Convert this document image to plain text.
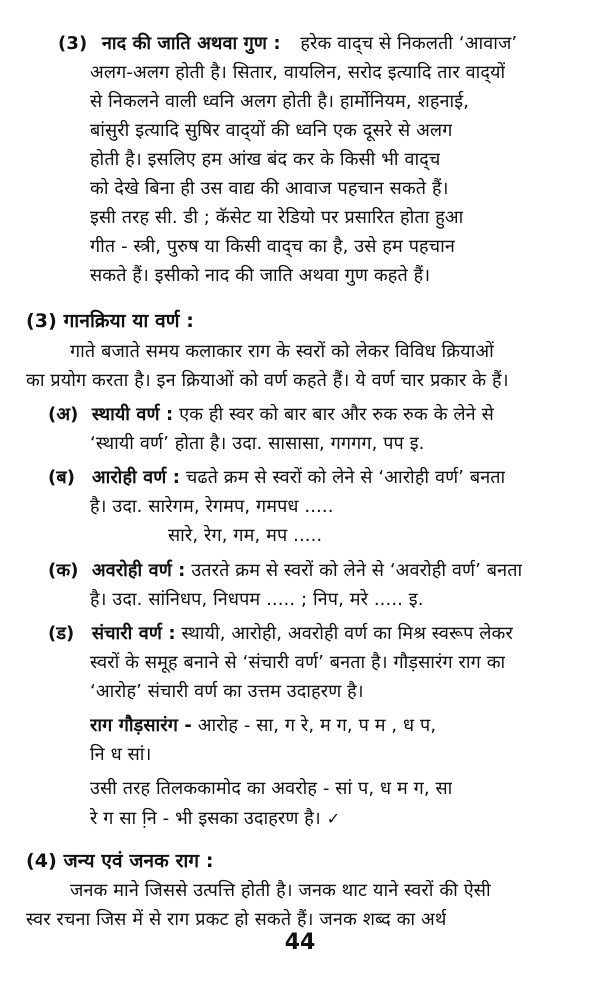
(3) नाद की जाति अथवा गुण : हरेक वाद्‌च से निकलती ‘आवाज’
अलग-अलग होती है। सितार, वायलिन, सरोद इत्यादि तार वाद्‌यों
से निकलने वाली ध्वनि अलग होती है। हार्मोनियम, शहनाई,
बांसुरी इत्यादि सुषिर वाद्‌यों की ध्वनि एक दूसरे से अलग
होती है। इसलिए हम आंख बंद कर के किसी भी वाद्‌च
को देखे बिना ही उस वाद्य की आवाज पहचान सकते हैं।
इसी तरह सी. डी ; कॅसेट या रेडियो पर प्रसारित होता हुआ
गीत - स्त्री, पुरुष या किसी वाद्‌च का है, उसे हम पहचान
सकते हैं। इसीको नाद की जाति अथवा गुण कहते हैं।
(3) गानक्रिया या वर्ण :
गाते बजाते समय कलाकार राग के स्वरों को लेकर विविध क्रियाओं
का प्रयोग करता है। इन क्रियाओं को वर्ण कहते हैं। ये वर्ण चार प्रकार के हैं।
(अ) स्थायी वर्ण : एक ही स्वर को बार बार और रुक रुक के लेने से
‘स्थायी वर्ण’ होता है। उदा. सासासा, गगगग, पप इ.
(ब) आरोही वर्ण : चढते क्रम से स्वरों को लेने से ‘आरोही वर्ण’ बनता
है। उदा. सारेगम, रेगमप, गमपध .....
सारे, रेग, गम, मप .....
(क) अवरोही वर्ण : उतरते क्रम से स्वरों को लेने से ‘अवरोही वर्ण’ बनता
है। उदा. सांनिधप, निधपम ..... ; निप, मरे ..... इ.
(ड) संचारी वर्ण : स्थायी, आरोही, अवरोही वर्ण का मिश्र स्वरूप लेकर
स्वरों के समूह बनाने से ‘संचारी वर्ण’ बनता है। गौड़सारंग राग का
‘आरोह’ संचारी वर्ण का उत्तम उदाहरण है।
राग गौड़सारंग - आरोह - सा, ग रे, म ग, प म , ध प,
नि ध सां।
उसी तरह तिलककामोद का अवरोह - सां प, ध म ग, सा
रे ग सा नि़ - भी इसका उदाहरण है। ✓
(4) जन्य एवं जनक राग :
जनक माने जिससे उत्पत्ति होती है। जनक थाट याने स्वरों की ऐसी
स्वर रचना जिस में से राग प्रकट हो सकते हैं। जनक शब्द का अर्थ
44
